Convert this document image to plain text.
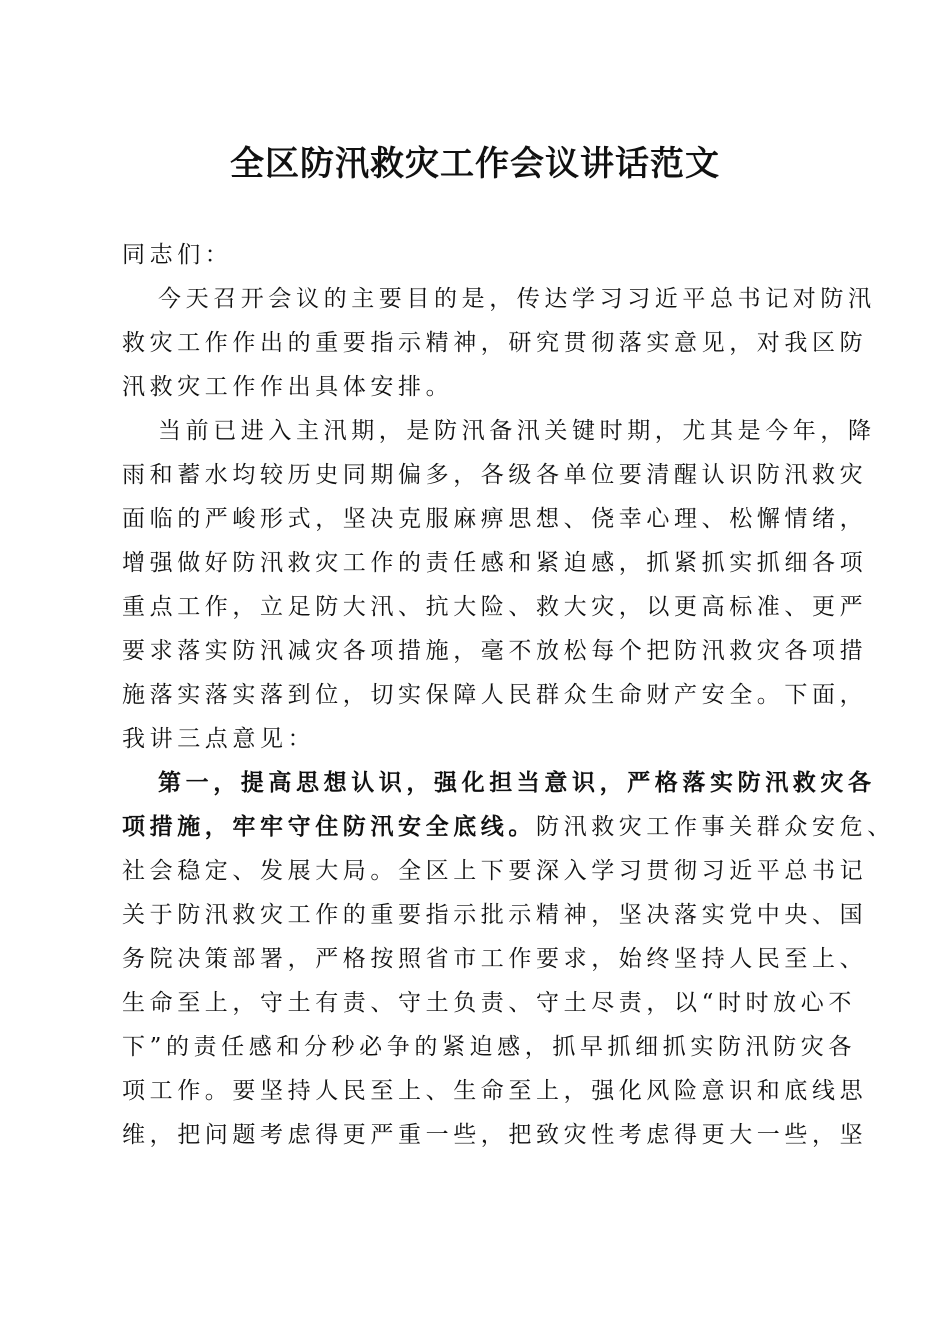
全区防汛救灾工作会议讲话范文
同志们：
今天召开会议的主要目的是，传达学习习近平总书记对防汛
救灾工作作出的重要指示精神，研究贯彻落实意见，对我区防
汛救灾工作作出具体安排。
当前已进入主汛期，是防汛备汛关键时期，尤其是今年，降
雨和蓄水均较历史同期偏多，各级各单位要清醒认识防汛救灾
面临的严峻形式，坚决克服麻痹思想、侥幸心理、松懈情绪，
增强做好防汛救灾工作的责任感和紧迫感，抓紧抓实抓细各项
重点工作，立足防大汛、抗大险、救大灾，以更高标准、更严
要求落实防汛减灾各项措施，毫不放松每个把防汛救灾各项措
施落实落实落到位，切实保障人民群众生命财产安全。下面，
我讲三点意见：
第一，提高思想认识，强化担当意识，严格落实防汛救灾各
项措施，牢牢守住防汛安全底线。防汛救灾工作事关群众安危、
社会稳定、发展大局。全区上下要深入学习贯彻习近平总书记
关于防汛救灾工作的重要指示批示精神，坚决落实党中央、国
务院决策部署，严格按照省市工作要求，始终坚持人民至上、
生命至上，守土有责、守土负责、守土尽责，以“时时放心不
下”的责任感和分秒必争的紧迫感，抓早抓细抓实防汛防灾各
项工作。要坚持人民至上、生命至上，强化风险意识和底线思
维，把问题考虑得更严重一些，把致灾性考虑得更大一些，坚
